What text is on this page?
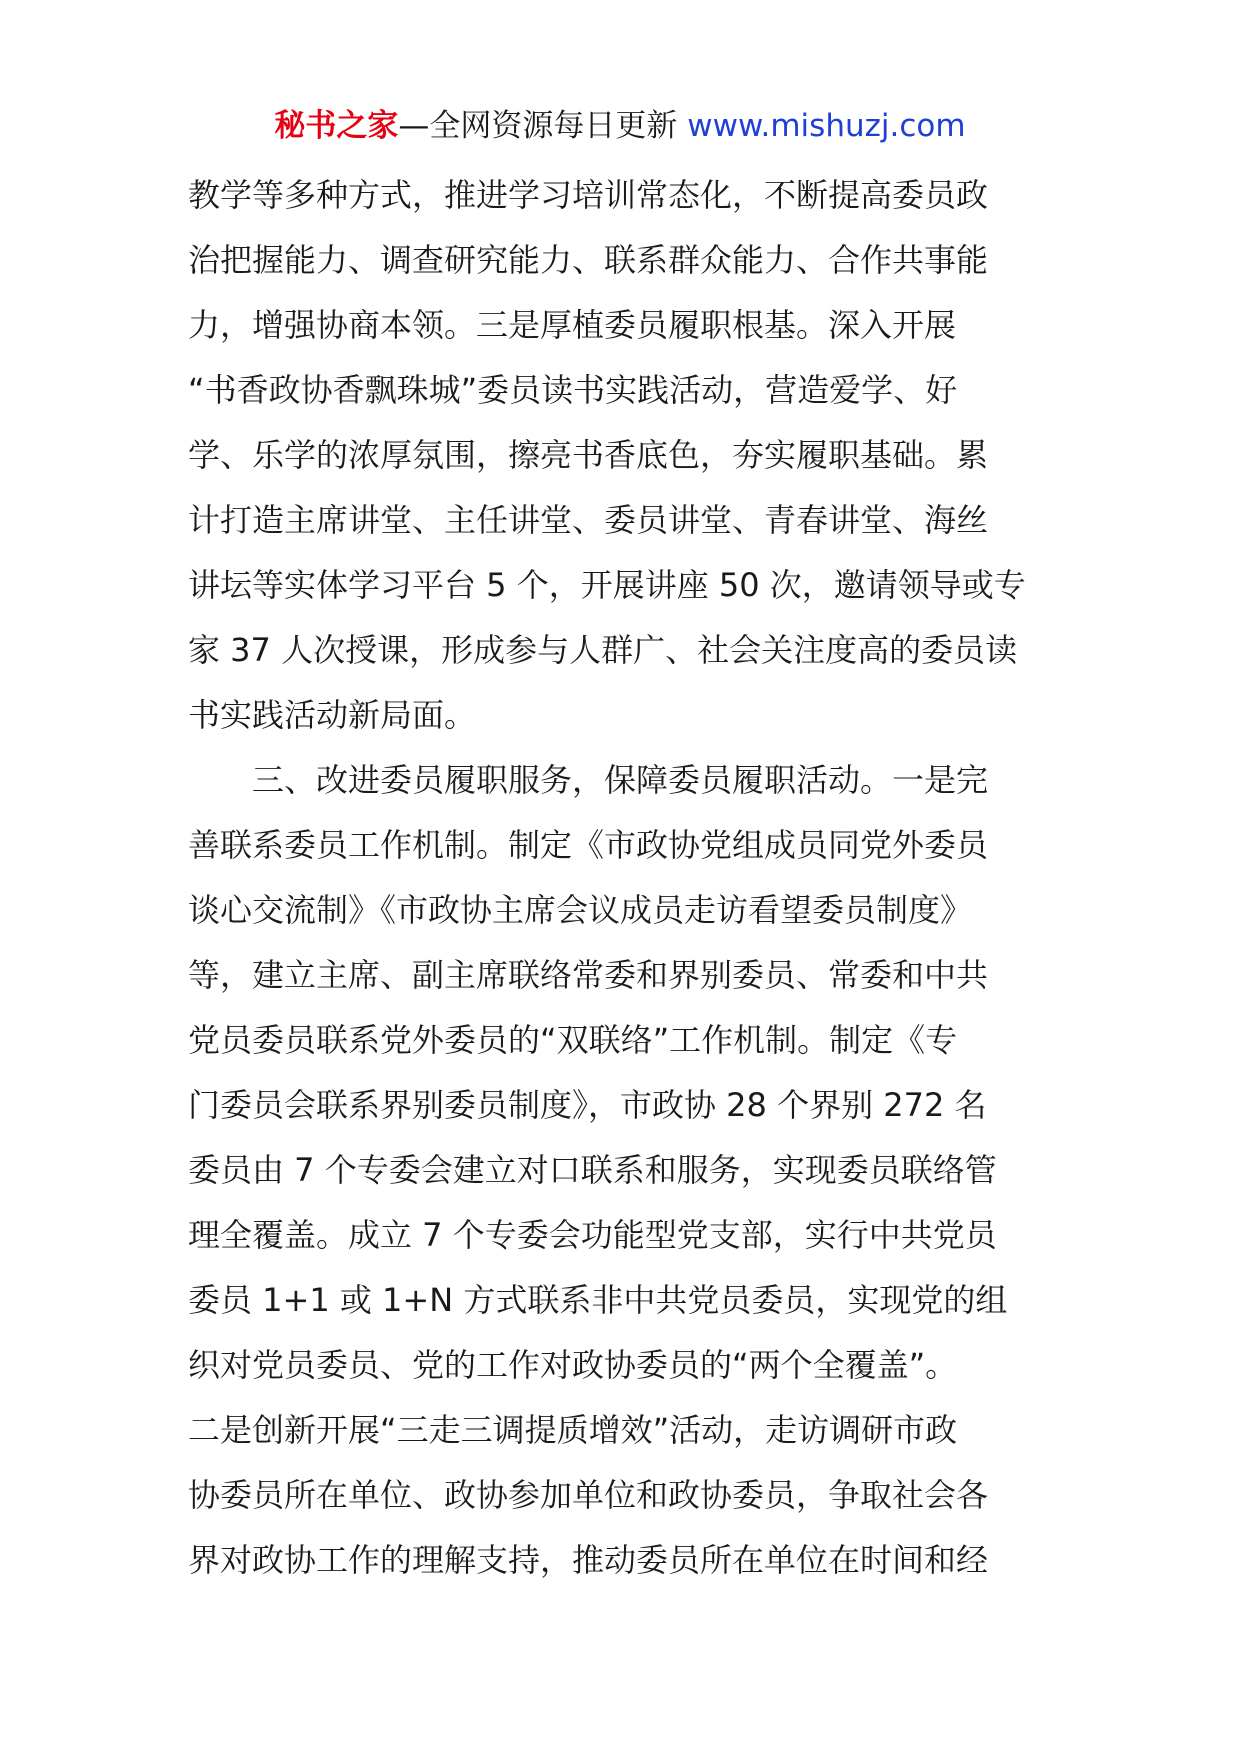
秘书之家—全网资源每日更新 www.mishuzj.com
教学等多种方式，推进学习培训常态化，不断提高委员政
治把握能力、调查研究能力、联系群众能力、合作共事能
力，增强协商本领。三是厚植委员履职根基。深入开展
“书香政协香飘珠城”委员读书实践活动，营造爱学、好
学、乐学的浓厚氛围，擦亮书香底色，夯实履职基础。累
计打造主席讲堂、主任讲堂、委员讲堂、青春讲堂、海丝
讲坛等实体学习平台 5 个，开展讲座 50 次，邀请领导或专
家 37 人次授课，形成参与人群广、社会关注度高的委员读
书实践活动新局面。
三、改进委员履职服务，保障委员履职活动。一是完
善联系委员工作机制。制定《市政协党组成员同党外委员
谈心交流制》《市政协主席会议成员走访看望委员制度》
等，建立主席、副主席联络常委和界别委员、常委和中共
党员委员联系党外委员的“双联络”工作机制。制定《专
门委员会联系界别委员制度》，市政协 28 个界别 272 名
委员由 7 个专委会建立对口联系和服务，实现委员联络管
理全覆盖。成立 7 个专委会功能型党支部，实行中共党员
委员 1+1 或 1+N 方式联系非中共党员委员，实现党的组
织对党员委员、党的工作对政协委员的“两个全覆盖”。
二是创新开展“三走三调提质增效”活动，走访调研市政
协委员所在单位、政协参加单位和政协委员，争取社会各
界对政协工作的理解支持，推动委员所在单位在时间和经
